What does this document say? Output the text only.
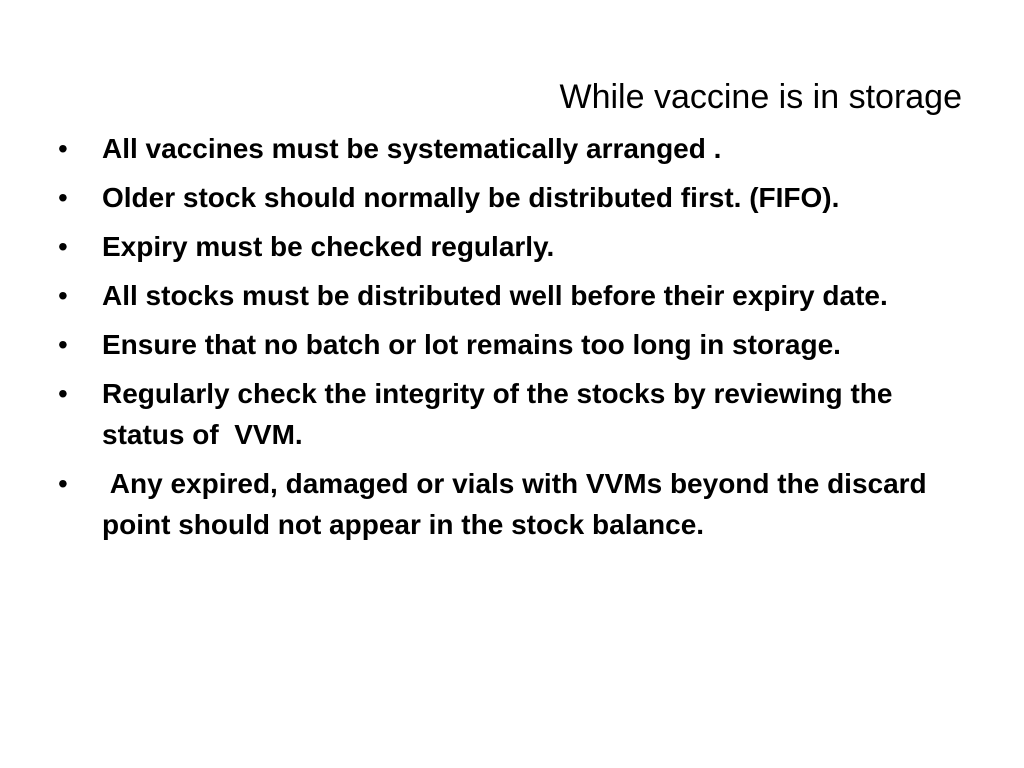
While vaccine is in storage
• All vaccines must be systematically arranged .
• Older stock should normally be distributed first. (FIFO).
• Expiry must be checked regularly.
• All stocks must be distributed well before their expiry date.
• Ensure that no batch or lot remains too long in storage.
• Regularly check the integrity of the stocks by reviewing the status of  VVM.
• Any expired, damaged or vials with VVMs beyond the discard point should not appear in the stock balance.
